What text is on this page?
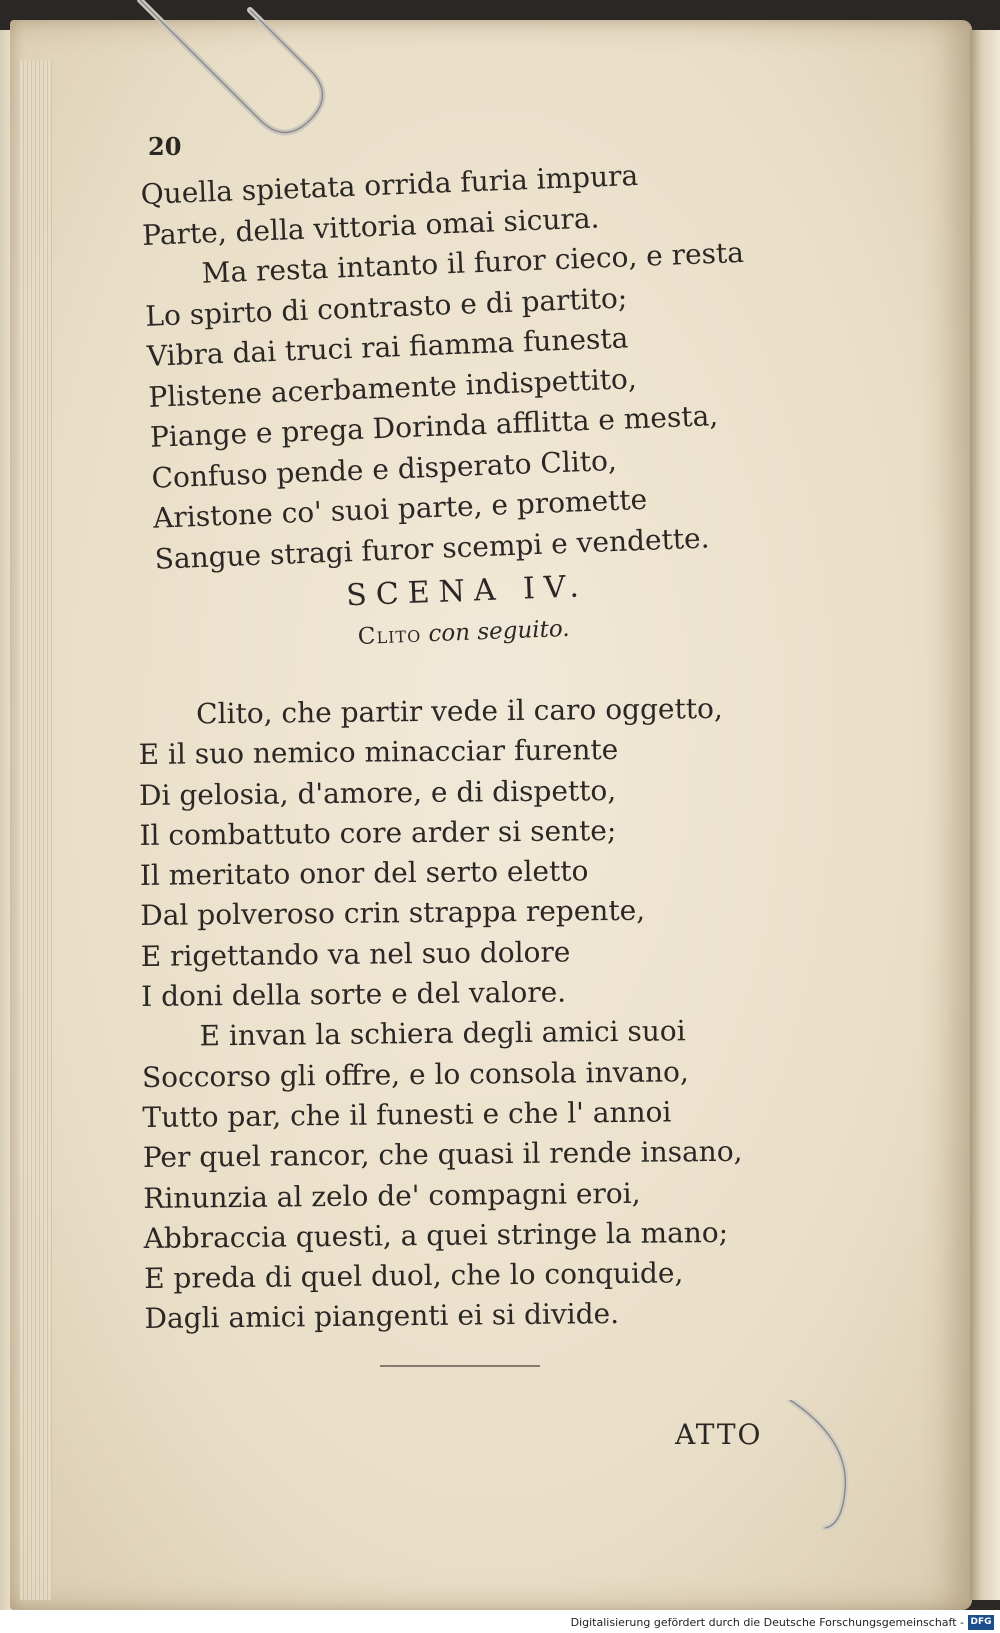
20
Quella spietata orrida furia impura
Parte, della vittoria omai sicura.
Ma resta intanto il furor cieco, e resta
Lo spirto di contrasto e di partito;
Vibra dai truci rai fiamma funesta
Plistene acerbamente indispettito,
Piange e prega Dorinda afflitta e mesta,
Confuso pende e disperato Clito,
Aristone co' suoi parte, e promette
Sangue stragi furor scempi e vendette.
SCENA IV.
Clito con seguito.
Clito, che partir vede il caro oggetto,
E il suo nemico minacciar furente
Di gelosia, d'amore, e di dispetto,
Il combattuto core arder si sente;
Il meritato onor del serto eletto
Dal polveroso crin strappa repente,
E rigettando va nel suo dolore
I doni della sorte e del valore.
E invan la schiera degli amici suoi
Soccorso gli offre, e lo consola invano,
Tutto par, che il funesti e che l' annoi
Per quel rancor, che quasi il rende insano,
Rinunzia al zelo de' compagni eroi,
Abbraccia questi, a quei stringe la mano;
E preda di quel duol, che lo conquide,
Dagli amici piangenti ei si divide.
ATTO
Digitalisierung gefördert durch die Deutsche Forschungsgemeinschaft - DFG
